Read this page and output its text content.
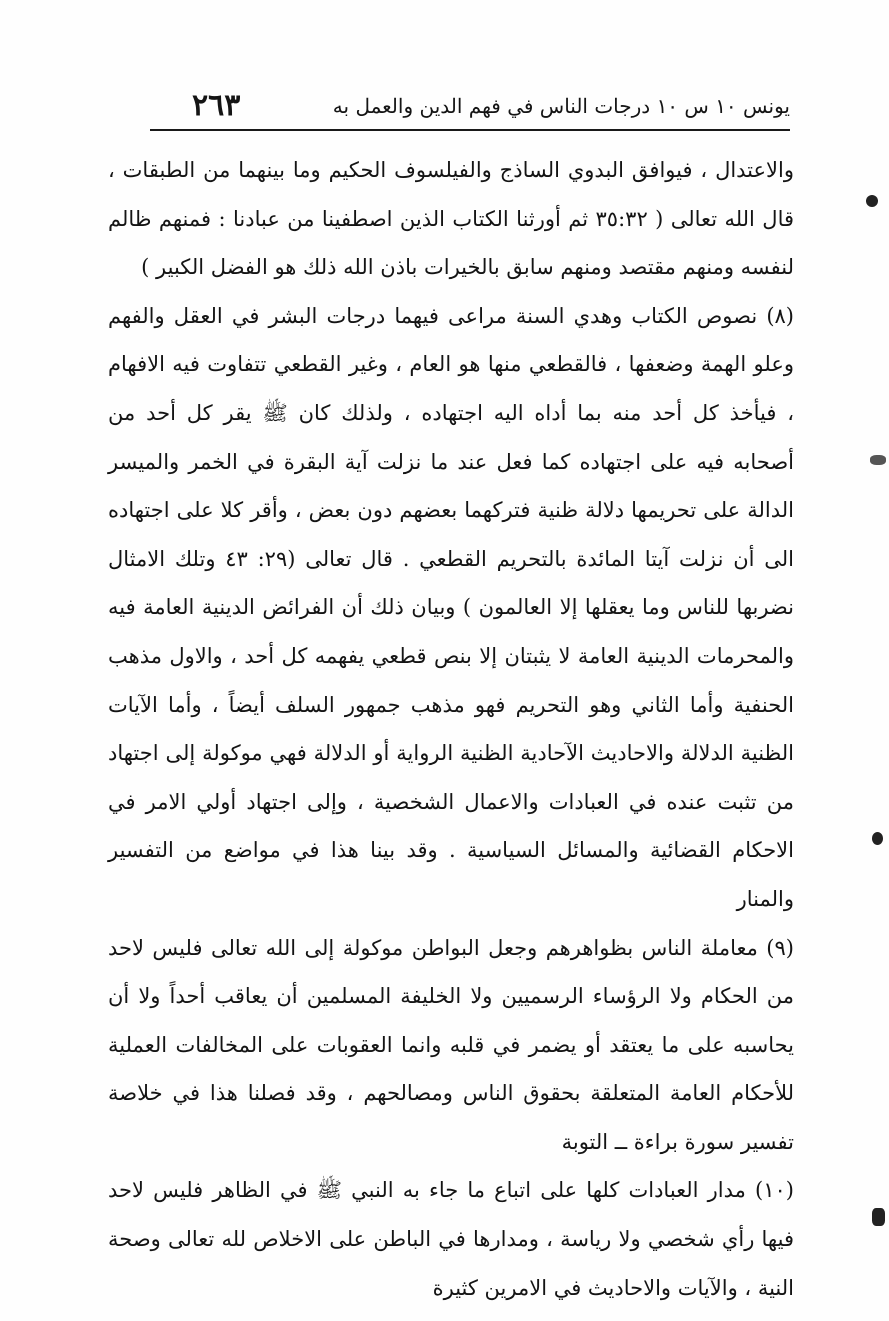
يونس ١٠ س ١٠ درجات الناس في فهم الدين والعمل به
٢٦٣

والاعتدال ، فيوافق البدوي الساذج والفيلسوف الحكيم وما بينهما من الطبقات ، قال الله تعالى ( ٣٥:٣٢ ثم أورثنا الكتاب الذين اصطفينا من عبادنا : فمنهم ظالم لنفسه ومنهم مقتصد ومنهم سابق بالخيرات باذن الله ذلك هو الفضل الكبير )

(٨) نصوص الكتاب وهدي السنة مراعى فيهما درجات البشر في العقل والفهم وعلو الهمة وضعفها ، فالقطعي منها هو العام ، وغير القطعي تتفاوت فيه الافهام ، فيأخذ كل أحد منه بما أداه اليه اجتهاده ، ولذلك كان ﷺ يقر كل أحد من أصحابه فيه على اجتهاده كما فعل عند ما نزلت آية البقرة في الخمر والميسر الدالة على تحريمها دلالة ظنية فتركهما بعضهم دون بعض ، وأقر كلا على اجتهاده الى أن نزلت آيتا المائدة بالتحريم القطعي . قال تعالى (٢٩: ٤٣ وتلك الامثال نضربها للناس وما يعقلها إلا العالمون ) وبيان ذلك أن الفرائض الدينية العامة فيه والمحرمات الدينية العامة لا يثبتان إلا بنص قطعي يفهمه كل أحد ، والاول مذهب الحنفية وأما الثاني وهو التحريم فهو مذهب جمهور السلف أيضاً ، وأما الآيات الظنية الدلالة والاحاديث الآحادية الظنية الرواية أو الدلالة فهي موكولة إلى اجتهاد من تثبت عنده في العبادات والاعمال الشخصية ، وإلى اجتهاد أولي الامر في الاحكام القضائية والمسائل السياسية . وقد بينا هذا في مواضع من التفسير والمنار

(٩) معاملة الناس بظواهرهم وجعل البواطن موكولة إلى الله تعالى فليس لاحد من الحكام ولا الرؤساء الرسميين ولا الخليفة المسلمين أن يعاقب أحداً ولا أن يحاسبه على ما يعتقد أو يضمر في قلبه وانما العقوبات على المخالفات العملية للأحكام العامة المتعلقة بحقوق الناس ومصالحهم ، وقد فصلنا هذا في خلاصة تفسير سورة براءة ــ التوبة

(١٠) مدار العبادات كلها على اتباع ما جاء به النبي ﷺ في الظاهر فليس لاحد فيها رأي شخصي ولا رياسة ، ومدارها في الباطن على الاخلاص لله تعالى وصحة النية ، والآيات والاحاديث في الامرين كثيرة
